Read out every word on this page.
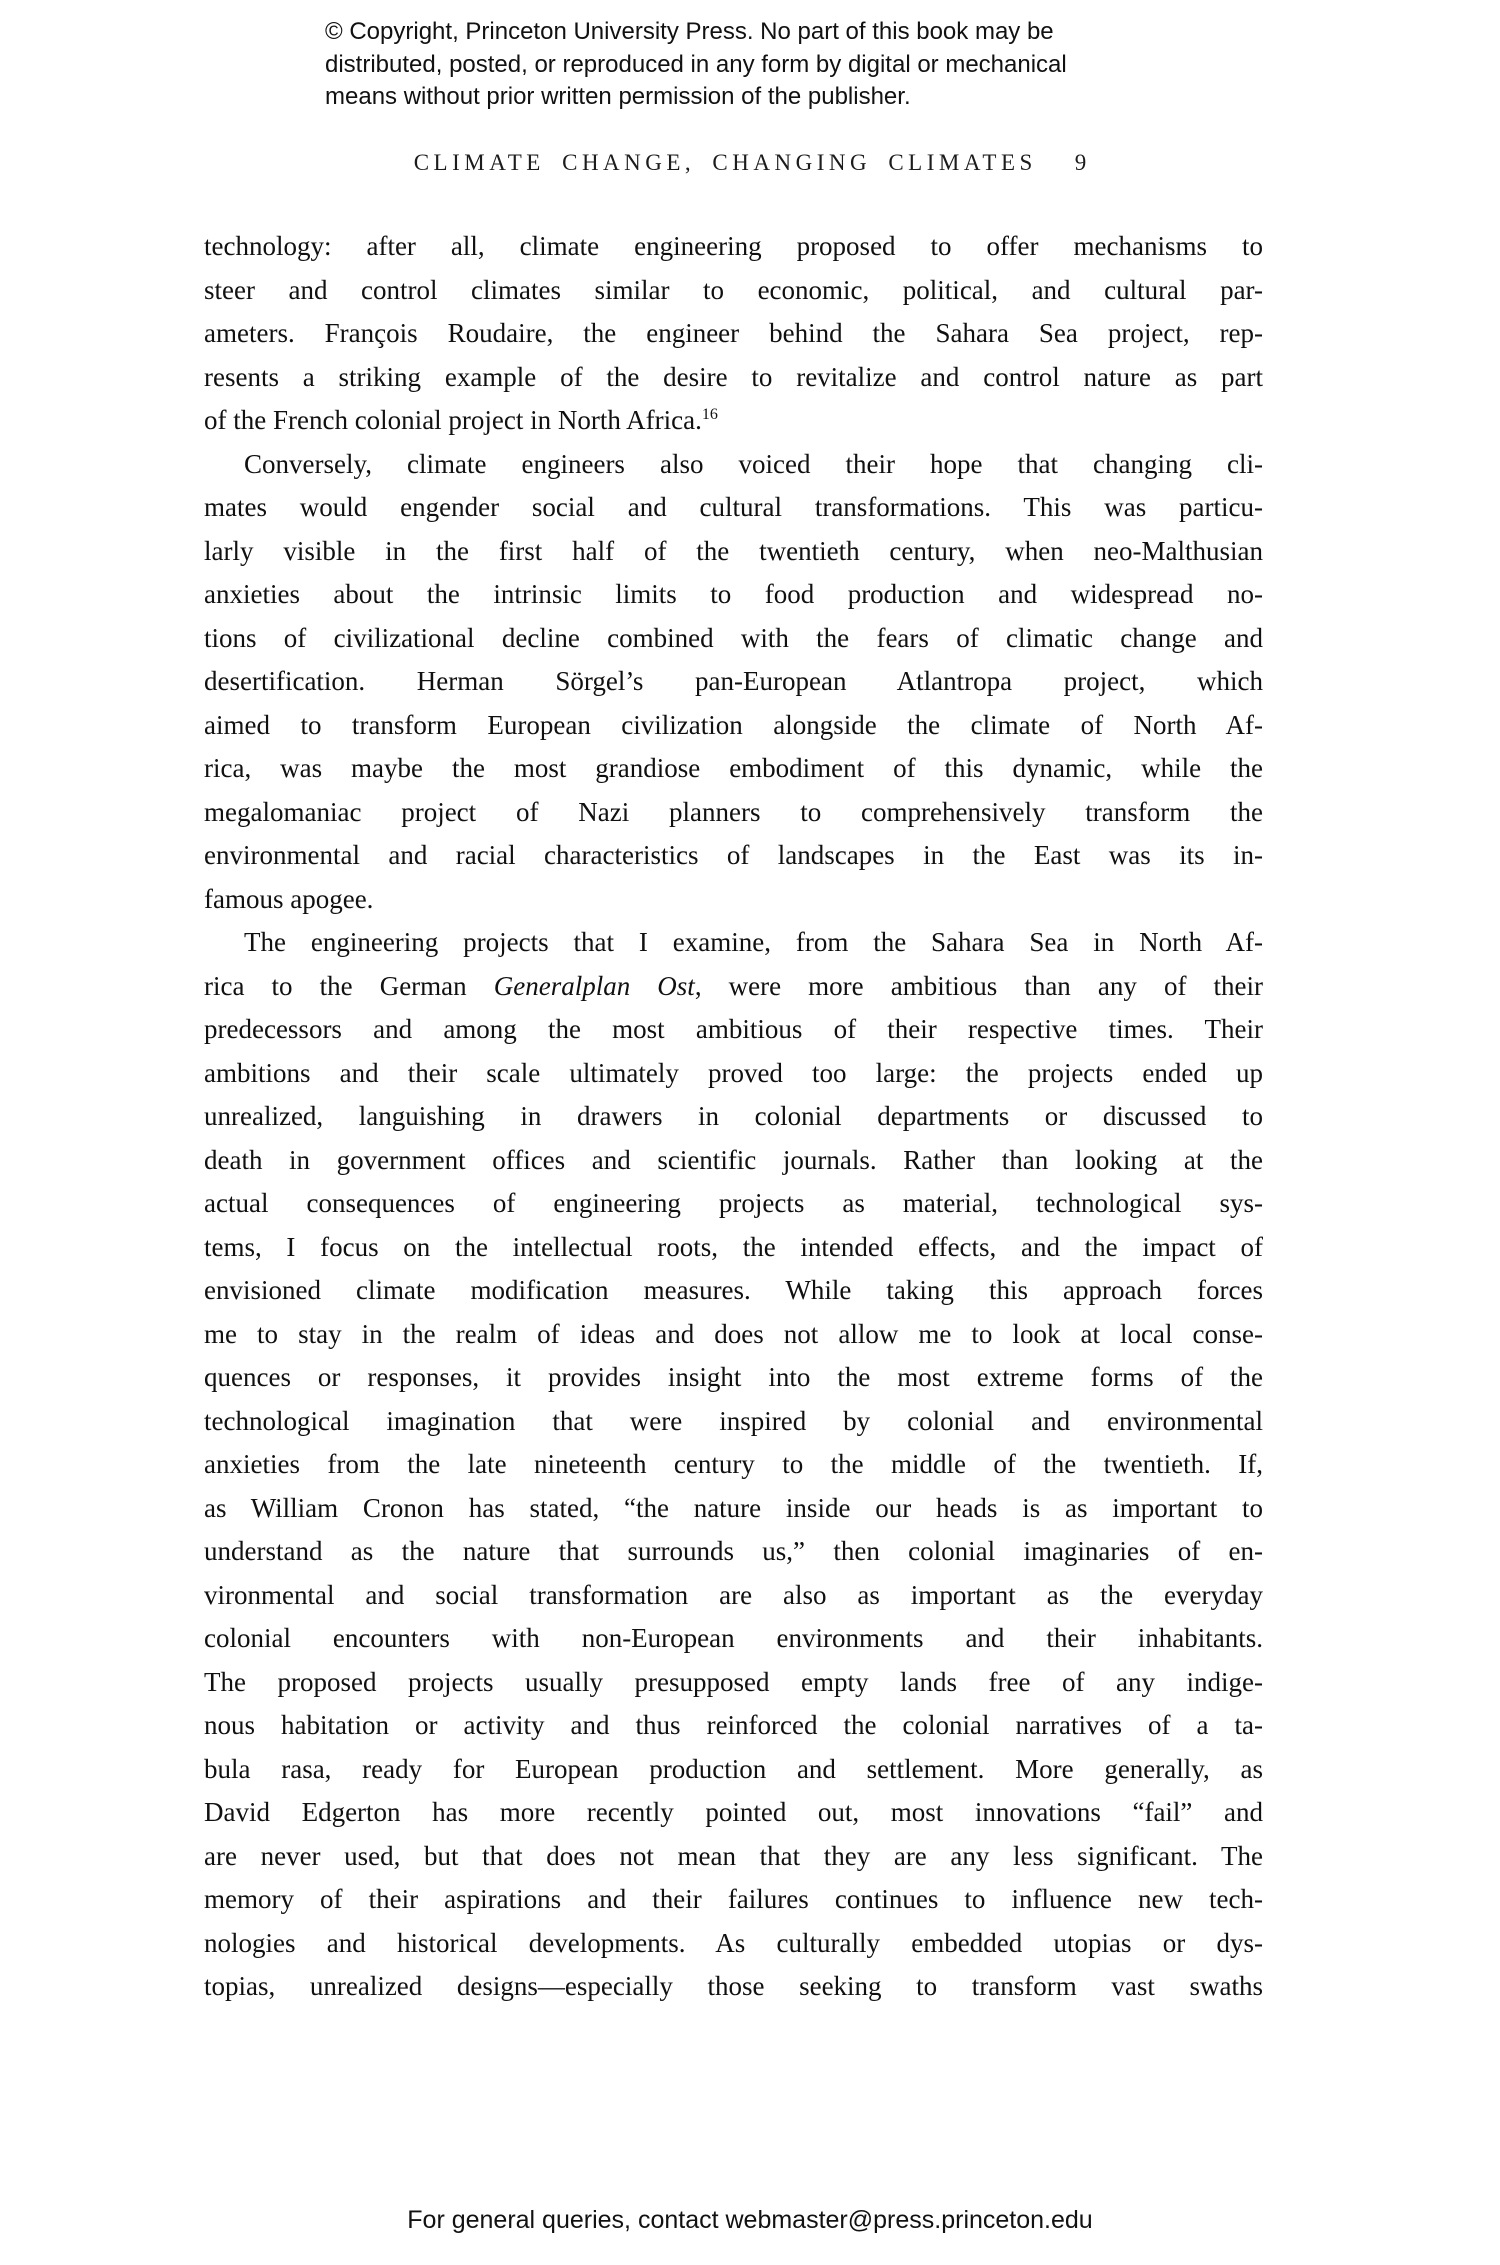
© Copyright, Princeton University Press. No part of this book may be
distributed, posted, or reproduced in any form by digital or mechanical
means without prior written permission of the publisher.
CLIMATE CHANGE, CHANGING CLIMATES 9
technology: after all, climate engineering proposed to offer mechanisms to
steer and control climates similar to economic, political, and cultural par-
ameters. François Roudaire, the engineer behind the Sahara Sea project, rep-
resents a striking example of the desire to revitalize and control nature as part
of the French colonial project in North Africa.$^{16}$
Conversely, climate engineers also voiced their hope that changing cli-
mates would engender social and cultural transformations. This was particu-
larly visible in the first half of the twentieth century, when neo-Malthusian
anxieties about the intrinsic limits to food production and widespread no-
tions of civilizational decline combined with the fears of climatic change and
desertification. Herman Sörgel’s pan-European Atlantropa project, which
aimed to transform European civilization alongside the climate of North Af-
rica, was maybe the most grandiose embodiment of this dynamic, while the
megalomaniac project of Nazi planners to comprehensively transform the
environmental and racial characteristics of landscapes in the East was its in-
famous apogee.
The engineering projects that I examine, from the Sahara Sea in North Af-
rica to the German Generalplan Ost, were more ambitious than any of their
predecessors and among the most ambitious of their respective times. Their
ambitions and their scale ultimately proved too large: the projects ended up
unrealized, languishing in drawers in colonial departments or discussed to
death in government offices and scientific journals. Rather than looking at the
actual consequences of engineering projects as material, technological sys-
tems, I focus on the intellectual roots, the intended effects, and the impact of
envisioned climate modification measures. While taking this approach forces
me to stay in the realm of ideas and does not allow me to look at local conse-
quences or responses, it provides insight into the most extreme forms of the
technological imagination that were inspired by colonial and environmental
anxieties from the late nineteenth century to the middle of the twentieth. If,
as William Cronon has stated, “the nature inside our heads is as important to
understand as the nature that surrounds us,” then colonial imaginaries of en-
vironmental and social transformation are also as important as the everyday
colonial encounters with non-European environments and their inhabitants.
The proposed projects usually presupposed empty lands free of any indige-
nous habitation or activity and thus reinforced the colonial narratives of a ta-
bula rasa, ready for European production and settlement. More generally, as
David Edgerton has more recently pointed out, most innovations “fail” and
are never used, but that does not mean that they are any less significant. The
memory of their aspirations and their failures continues to influence new tech-
nologies and historical developments. As culturally embedded utopias or dys-
topias, unrealized designs—especially those seeking to transform vast swaths
For general queries, contact webmaster@press.princeton.edu
